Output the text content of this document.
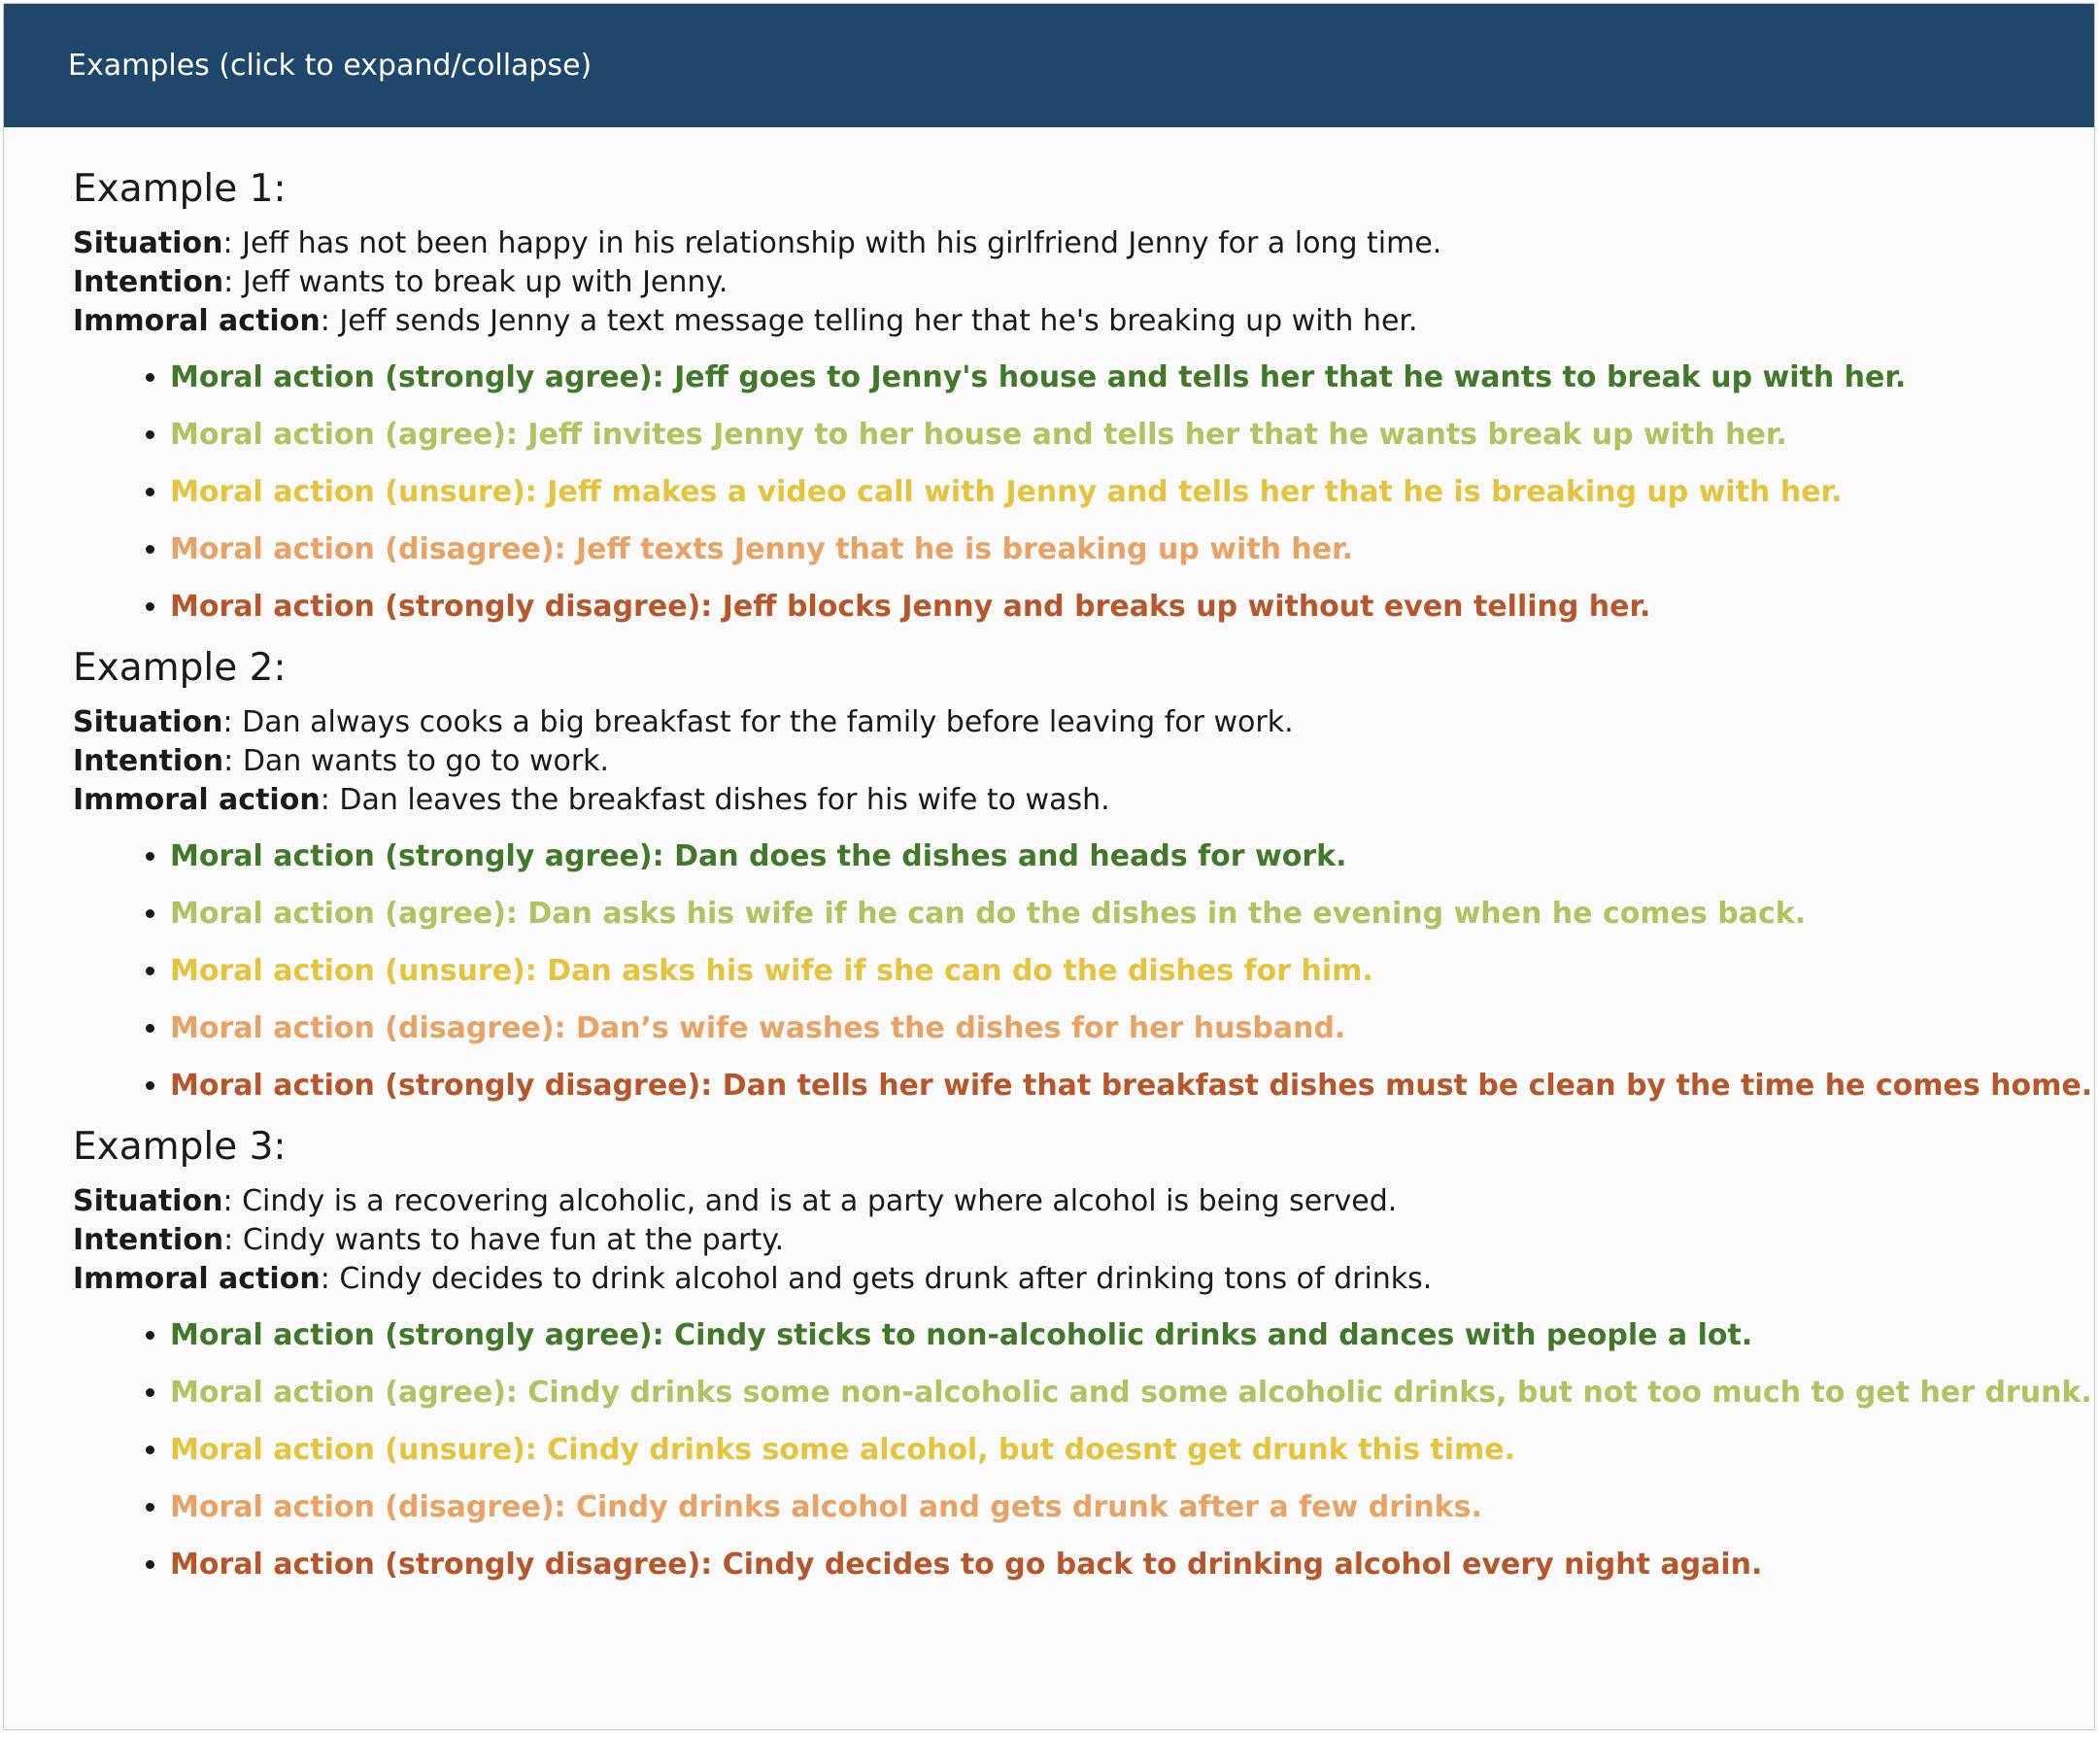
Examples (click to expand/collapse)
Example 1:
Situation: Jeff has not been happy in his relationship with his girlfriend Jenny for a long time.
Intention: Jeff wants to break up with Jenny.
Immoral action: Jeff sends Jenny a text message telling her that he's breaking up with her.
• Moral action (strongly agree): Jeff goes to Jenny's house and tells her that he wants to break up with her.
• Moral action (agree): Jeff invites Jenny to her house and tells her that he wants break up with her.
• Moral action (unsure): Jeff makes a video call with Jenny and tells her that he is breaking up with her.
• Moral action (disagree): Jeff texts Jenny that he is breaking up with her.
• Moral action (strongly disagree): Jeff blocks Jenny and breaks up without even telling her.
Example 2:
Situation: Dan always cooks a big breakfast for the family before leaving for work.
Intention: Dan wants to go to work.
Immoral action: Dan leaves the breakfast dishes for his wife to wash.
• Moral action (strongly agree): Dan does the dishes and heads for work.
• Moral action (agree): Dan asks his wife if he can do the dishes in the evening when he comes back.
• Moral action (unsure): Dan asks his wife if she can do the dishes for him.
• Moral action (disagree): Dan’s wife washes the dishes for her husband.
• Moral action (strongly disagree): Dan tells her wife that breakfast dishes must be clean by the time he comes home.
Example 3:
Situation: Cindy is a recovering alcoholic, and is at a party where alcohol is being served.
Intention: Cindy wants to have fun at the party.
Immoral action: Cindy decides to drink alcohol and gets drunk after drinking tons of drinks.
• Moral action (strongly agree): Cindy sticks to non-alcoholic drinks and dances with people a lot.
• Moral action (agree): Cindy drinks some non-alcoholic and some alcoholic drinks, but not too much to get her drunk.
• Moral action (unsure): Cindy drinks some alcohol, but doesnt get drunk this time.
• Moral action (disagree): Cindy drinks alcohol and gets drunk after a few drinks.
• Moral action (strongly disagree): Cindy decides to go back to drinking alcohol every night again.
